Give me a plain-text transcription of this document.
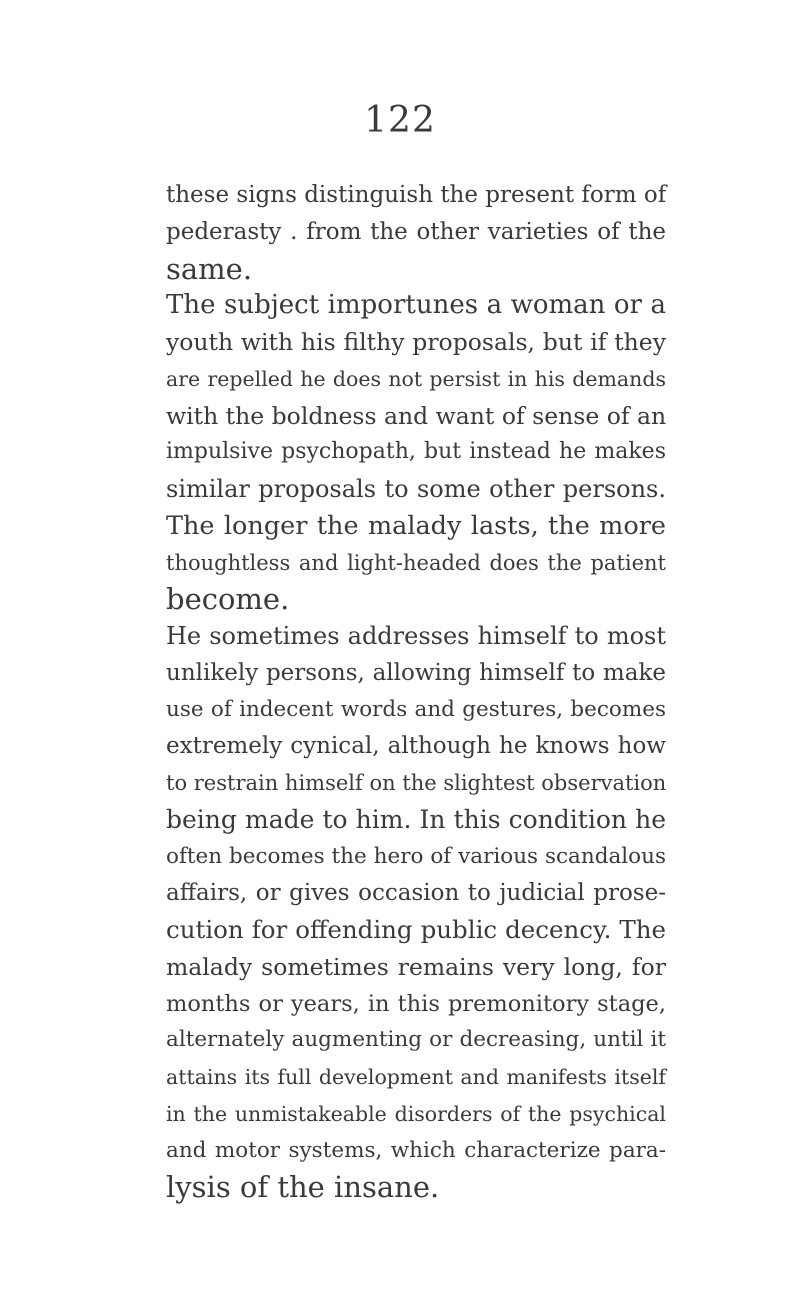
122
these signs distinguish the present form of
pederasty . from the other varieties of the
same.
The subject importunes a woman or a
youth with his filthy proposals, but if they
are repelled he does not persist in his demands
with the boldness and want of sense of an
impulsive psychopath, but instead he makes
similar proposals to some other persons.
The longer the malady lasts, the more
thoughtless and light-headed does the patient
become.
He sometimes addresses himself to most
unlikely persons, allowing himself to make
use of indecent words and gestures, becomes
extremely cynical, although he knows how
to restrain himself on the slightest observation
being made to him. In this condition he
often becomes the hero of various scandalous
affairs, or gives occasion to judicial prose-
cution for offending public decency. The
malady sometimes remains very long, for
months or years, in this premonitory stage,
alternately augmenting or decreasing, until it
attains its full development and manifests itself
in the unmistakeable disorders of the psychical
and motor systems, which characterize para-
lysis of the insane.
